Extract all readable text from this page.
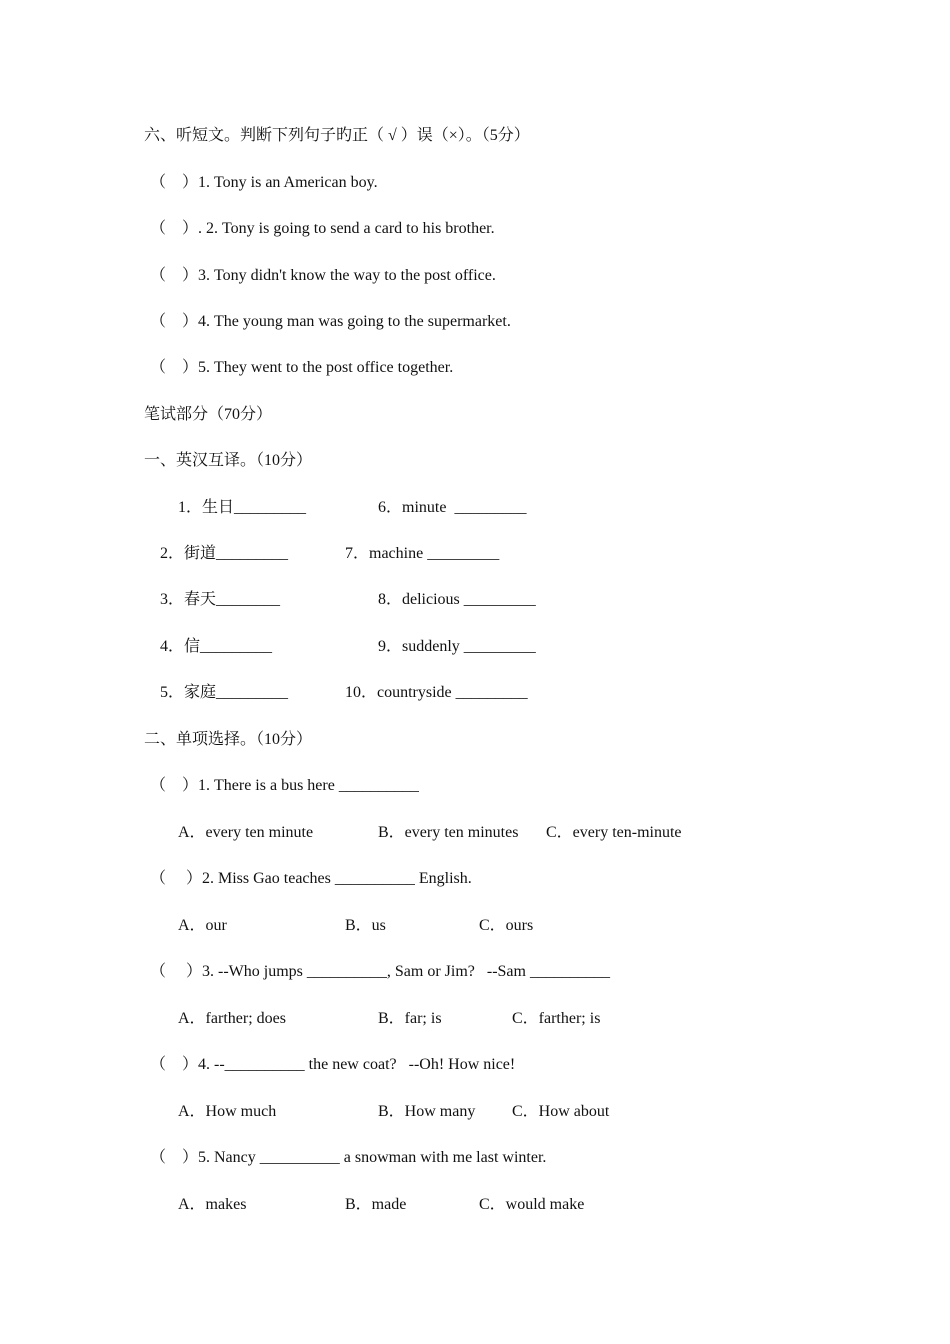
六、听短文。判断下列句子旳正（ √ ）误（×）。（5分）
（　）1. Tony is an American boy.
（　）. 2. Tony is going to send a card to his brother.
（　）3. Tony didn't know the way to the post office.
（　）4. The young man was going to the supermarket.
（　）5. They went to the post office together.
笔试部分（70分）
一、英汉互译。（10分）
1．生日_________	6．minute  _________
2．街道_________	7．machine _________
3．春天________	8．delicious _________
4．信_________	9．suddenly _________
5．家庭_________	10．countryside _________
二、单项选择。（10分）
（　）1. There is a bus here __________
A．every ten minute	B．every ten minutes C．every ten-minute
（　 ）2. Miss Gao teaches __________ English.
A．our	B．us	C．ours
（　 ）3. --Who jumps __________, Sam or Jim?   --Sam __________
A．farther; does	B．far; is	C．farther; is
（　）4. --__________ the new coat?   --Oh! How nice!
A．How much	B．How many C．How about
（　）5. Nancy __________ a snowman with me last winter.
A．makes	B．made	C．would make
